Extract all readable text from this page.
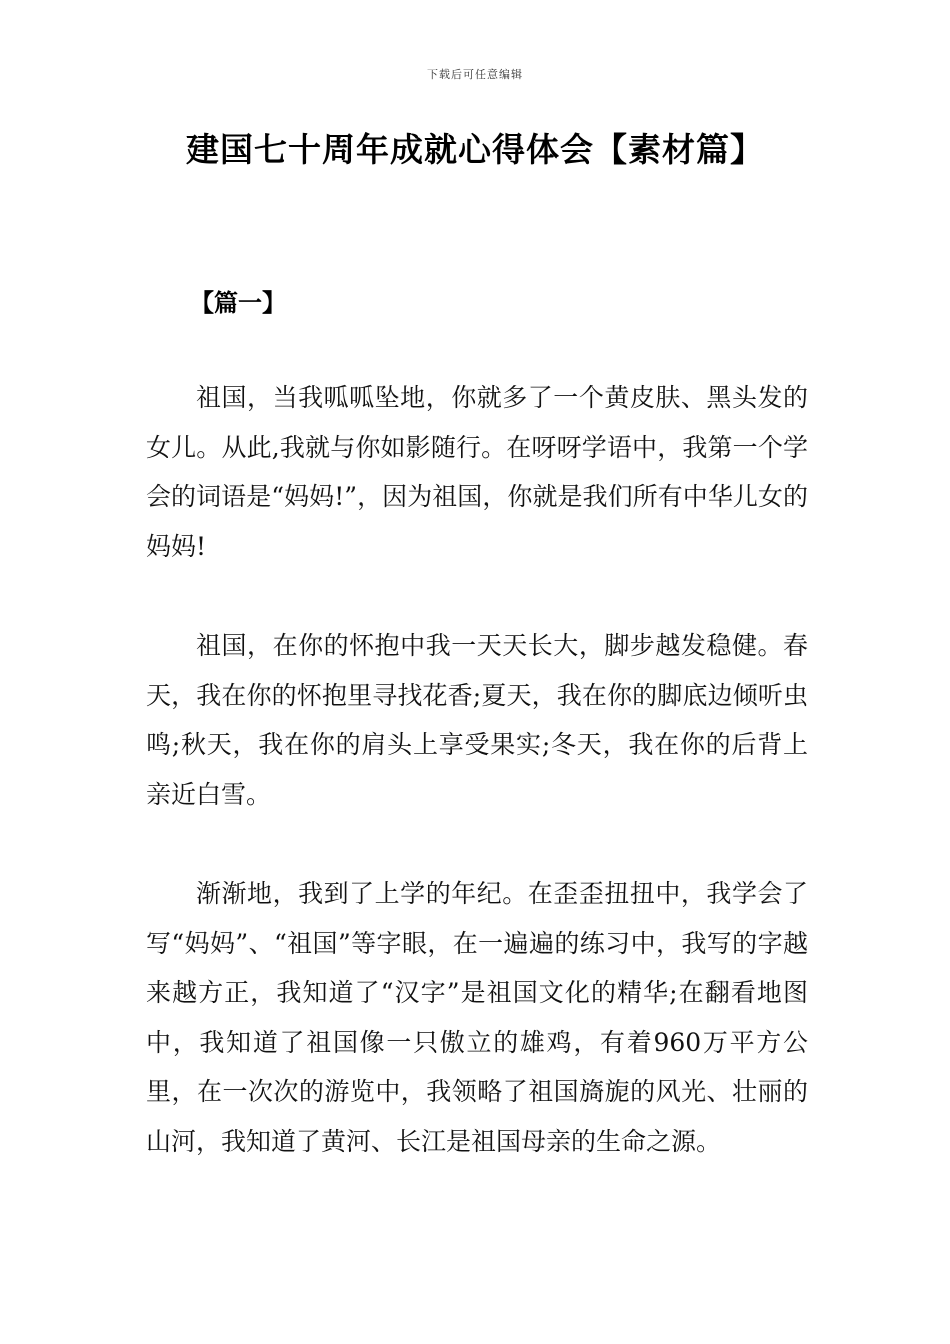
下载后可任意编辑
建国七十周年成就心得体会【素材篇】
【篇一】

祖国，当我呱呱坠地，你就多了一个黄皮肤、黑头发的女儿。从此,我就与你如影随行。在呀呀学语中，我第一个学会的词语是“妈妈!”，因为祖国，你就是我们所有中华儿女的妈妈!

祖国，在你的怀抱中我一天天长大，脚步越发稳健。春天，我在你的怀抱里寻找花香;夏天，我在你的脚底边倾听虫鸣;秋天，我在你的肩头上享受果实;冬天，我在你的后背上亲近白雪。

渐渐地，我到了上学的年纪。在歪歪扭扭中，我学会了写“妈妈”、“祖国”等字眼，在一遍遍的练习中，我写的字越来越方正，我知道了“汉字”是祖国文化的精华;在翻看地图中，我知道了祖国像一只傲立的雄鸡，有着960万平方公里，在一次次的游览中，我领略了祖国旖旎的风光、壮丽的山河，我知道了黄河、长江是祖国母亲的生命之源。
